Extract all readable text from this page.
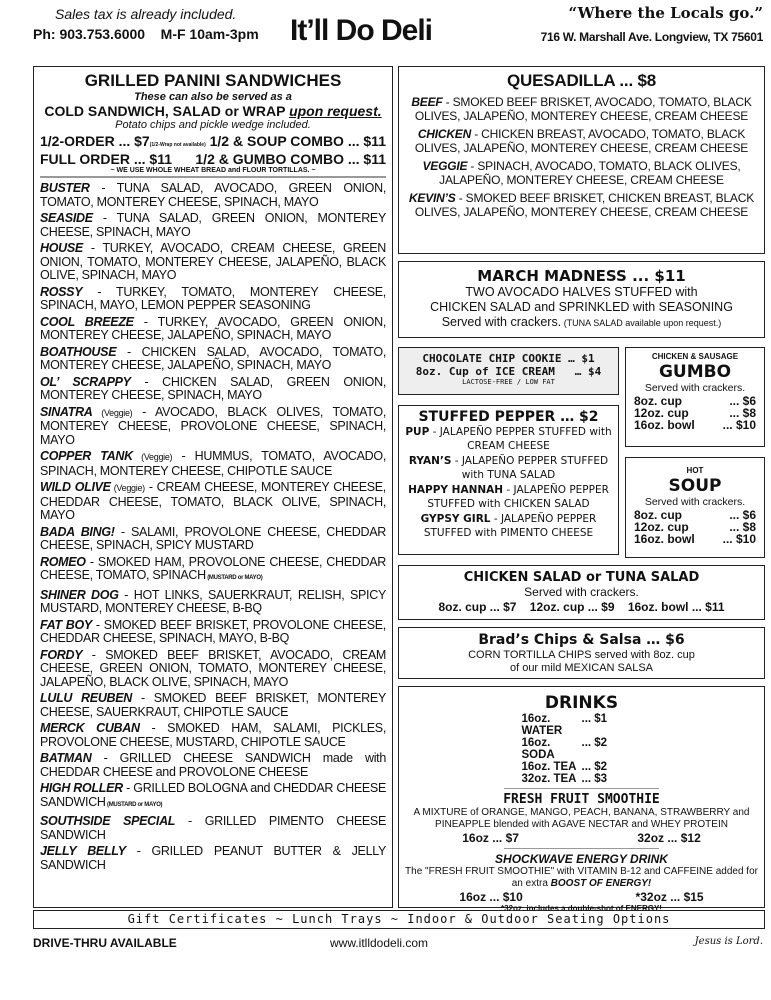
Sales tax is already included.
Ph: 903.753.6000 M-F 10am-3pm It’ll Do Deli
“Where the Locals go.”
716 W. Marshall Ave. Longview, TX 75601
GRILLED PANINI SANDWICHES
These can also be served as a
COLD SANDWICH, SALAD or WRAP upon request.
Potato chips and pickle wedge included.
1/2-ORDER ... $7(1/2-Wrap not available) 1/2 & SOUP COMBO ... $11
FULL ORDER ... $11 1/2 & GUMBO COMBO ... $11
~ WE USE WHOLE WHEAT BREAD and FLOUR TORTILLAS. ~
BUSTER - TUNA SALAD, AVOCADO, GREEN ONION, TOMATO, MONTEREY CHEESE, SPINACH, MAYO
SEASIDE - TUNA SALAD, GREEN ONION, MONTEREY CHEESE, SPINACH, MAYO
HOUSE - TURKEY, AVOCADO, CREAM CHEESE, GREEN ONION, TOMATO, MONTEREY CHEESE, JALAPEÑO, BLACK OLIVE, SPINACH, MAYO
ROSSY - TURKEY, TOMATO, MONTEREY CHEESE, SPINACH, MAYO, LEMON PEPPER SEASONING
COOL BREEZE - TURKEY, AVOCADO, GREEN ONION, MONTEREY CHEESE, JALAPEÑO, SPINACH, MAYO
BOATHOUSE - CHICKEN SALAD, AVOCADO, TOMATO, MONTEREY CHEESE, JALAPEÑO, SPINACH, MAYO
OL’ SCRAPPY - CHICKEN SALAD, GREEN ONION, MONTEREY CHEESE, SPINACH, MAYO
SINATRA (Veggie) - AVOCADO, BLACK OLIVES, TOMATO, MONTEREY CHEESE, PROVOLONE CHEESE, SPINACH, MAYO
COPPER TANK (Veggie) - HUMMUS, TOMATO, AVOCADO, SPINACH, MONTEREY CHEESE, CHIPOTLE SAUCE
WILD OLIVE (Veggie) - CREAM CHEESE, MONTEREY CHEESE, CHEDDAR CHEESE, TOMATO, BLACK OLIVE, SPINACH, MAYO
BADA BING! - SALAMI, PROVOLONE CHEESE, CHEDDAR CHEESE, SPINACH, SPICY MUSTARD
ROMEO - SMOKED HAM, PROVOLONE CHEESE, CHEDDAR CHEESE, TOMATO, SPINACH (MUSTARD or MAYO)
SHINER DOG - HOT LINKS, SAUERKRAUT, RELISH, SPICY MUSTARD, MONTEREY CHEESE, B-BQ
FAT BOY - SMOKED BEEF BRISKET, PROVOLONE CHEESE, CHEDDAR CHEESE, SPINACH, MAYO, B-BQ
FORDY - SMOKED BEEF BRISKET, AVOCADO, CREAM CHEESE, GREEN ONION, TOMATO, MONTEREY CHEESE, JALAPEÑO, BLACK OLIVE, SPINACH, MAYO
LULU REUBEN - SMOKED BEEF BRISKET, MONTEREY CHEESE, SAUERKRAUT, CHIPOTLE SAUCE
MERCK CUBAN - SMOKED HAM, SALAMI, PICKLES, PROVOLONE CHEESE, MUSTARD, CHIPOTLE SAUCE
BATMAN - GRILLED CHEESE SANDWICH made with CHEDDAR CHEESE and PROVOLONE CHEESE
HIGH ROLLER - GRILLED BOLOGNA and CHEDDAR CHEESE SANDWICH (MUSTARD or MAYO)
SOUTHSIDE SPECIAL - GRILLED PIMENTO CHEESE SANDWICH
JELLY BELLY - GRILLED PEANUT BUTTER & JELLY SANDWICH
QUESADILLA ... $8

BEEF - SMOKED BEEF BRISKET, AVOCADO, TOMATO, BLACK OLIVES, JALAPEÑO, MONTEREY CHEESE, CREAM CHEESE

CHICKEN - CHICKEN BREAST, AVOCADO, TOMATO, BLACK OLIVES, JALAPEÑO, MONTEREY CHEESE, CREAM CHEESE

VEGGIE - SPINACH, AVOCADO, TOMATO, BLACK OLIVES, JALAPEÑO, MONTEREY CHEESE, CREAM CHEESE

KEVIN’S - SMOKED BEEF BRISKET, CHICKEN BREAST, BLACK OLIVES, JALAPEÑO, MONTEREY CHEESE, CREAM CHEESE

MARCH MADNESS ... $11
TWO AVOCADO HALVES STUFFED with
CHICKEN SALAD and SPRINKLED with SEASONING
Served with crackers. (TUNA SALAD available upon request.)
CHOCOLATE CHIP COOKIE … $1
8oz. Cup of ICE CREAM   … $4
LACTOSE-FREE / LOW FAT
STUFFED PEPPER … $2
PUP - JALAPEÑO PEPPER STUFFED with CREAM CHEESE
RYAN’S - JALAPEÑO PEPPER STUFFED with TUNA SALAD
HAPPY HANNAH - JALAPEÑO PEPPER STUFFED with CHICKEN SALAD
GYPSY GIRL - JALAPEÑO PEPPER STUFFED with PIMENTO CHEESE
CHICKEN & SAUSAGE
GUMBO
Served with crackers.
8oz. cup	... $6
12oz. cup	... $8
16oz. bowl ... $10
HOT
SOUP
Served with crackers.
8oz. cup	... $6
12oz. cup	... $8
16oz. bowl ... $10
CHICKEN SALAD or TUNA SALAD
Served with crackers.
8oz. cup ... $7    12oz. cup ... $9    16oz. bowl ... $11
Brad’s Chips & Salsa … $6
CORN TORTILLA CHIPS served with 8oz. cup
of our mild MEXICAN SALSA
DRINKS
16oz. WATER
... $1
16oz. SODA
... $2
16oz. TEA ... $2
32oz. TEA ... $3
FRESH FRUIT SMOOTHIE
A MIXTURE of ORANGE, MANGO, PEACH, BANANA, STRAWBERRY and PINEAPPLE blended with AGAVE NECTAR and WHEY PROTEIN
16oz ... $7	32oz ... $12
SHOCKWAVE ENERGY DRINK
The "FRESH FRUIT SMOOTHIE" with VITAMIN B-12 and CAFFEINE added for an extra BOOST OF ENERGY!
16oz ... $10	*32oz ... $15
*32oz. includes a double-shot of ENERGY!
Gift Certificates ~ Lunch Trays ~ Indoor & Outdoor Seating Options
DRIVE-THRU AVAILABLE	www.itlldodeli.com	Jesus is Lord.
